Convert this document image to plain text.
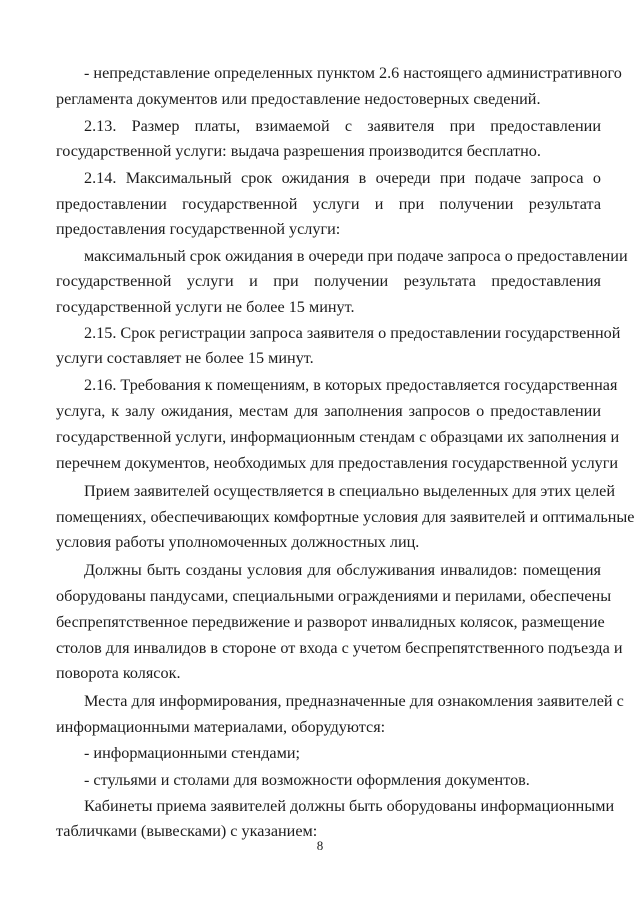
- непредставление определенных пунктом 2.6 настоящего административного
регламента документов или предоставление недостоверных сведений.
2.13. Размер платы, взимаемой с заявителя при предоставлении
государственной услуги: выдача разрешения производится бесплатно.
2.14. Максимальный срок ожидания в очереди при подаче запроса о
предоставлении государственной услуги и при получении результата
предоставления государственной услуги:
максимальный срок ожидания в очереди при подаче запроса о предоставлении
государственной услуги и при получении результата предоставления
государственной услуги не более 15 минут.
2.15. Срок регистрации запроса заявителя о предоставлении государственной
услуги составляет не более 15 минут.
2.16. Требования к помещениям, в которых предоставляется государственная
услуга, к залу ожидания, местам для заполнения запросов о предоставлении
государственной услуги, информационным стендам с образцами их заполнения и
перечнем документов, необходимых для предоставления государственной услуги
Прием заявителей осуществляется в специально выделенных для этих целей
помещениях, обеспечивающих комфортные условия для заявителей и оптимальные
условия работы уполномоченных должностных лиц.
Должны быть созданы условия для обслуживания инвалидов: помещения
оборудованы пандусами, специальными ограждениями и перилами, обеспечены
беспрепятственное передвижение и разворот инвалидных колясок, размещение
столов для инвалидов в стороне от входа с учетом беспрепятственного подъезда и
поворота колясок.
Места для информирования, предназначенные для ознакомления заявителей с
информационными материалами, оборудуются:
- информационными стендами;
- стульями и столами для возможности оформления документов.
Кабинеты приема заявителей должны быть оборудованы информационными
табличками (вывесками) с указанием:
8
